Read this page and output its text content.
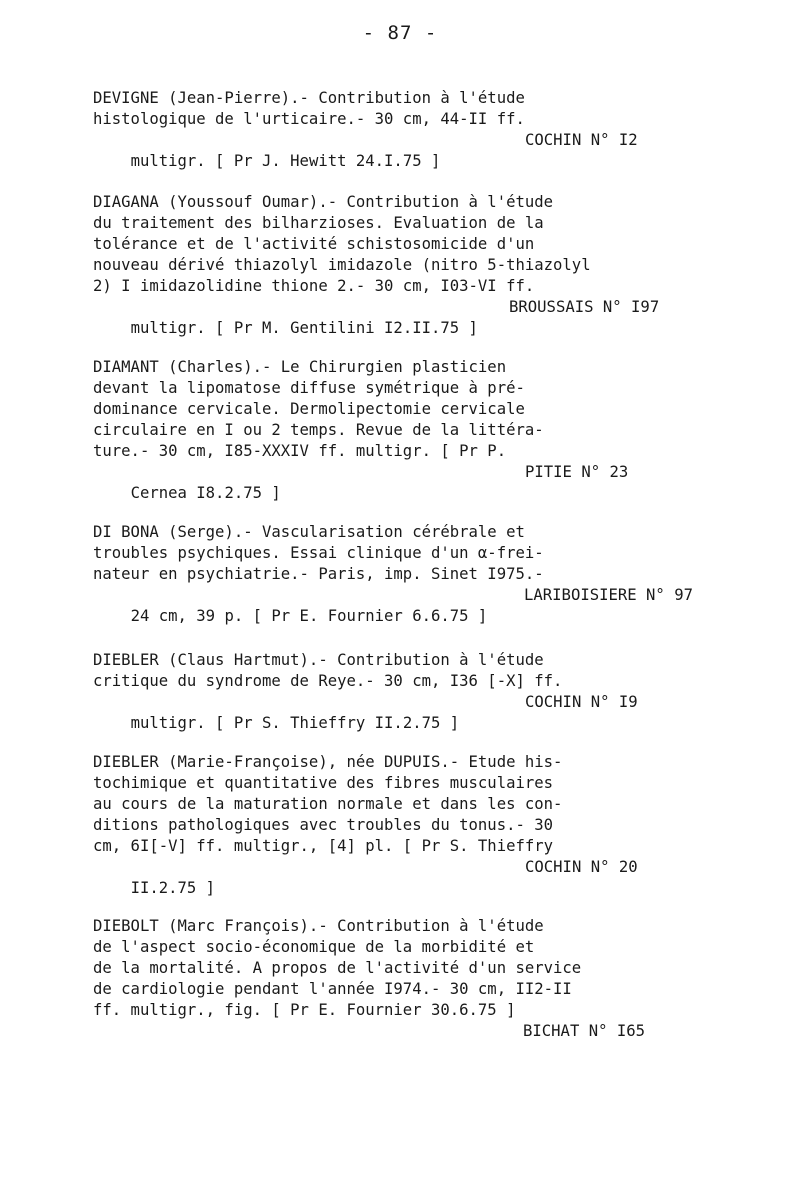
- 87 -
DEVIGNE (Jean-Pierre).- Contribution à l'étude
histologique de l'urticaire.- 30 cm, 44-II ff.

multigr. [ Pr J. Hewitt 24.I.75 ]

COCHIN N° I2

DIAGANA (Youssouf Oumar).- Contribution à l'étude
du traitement des bilharzioses. Evaluation de la
tolérance et de l'activité schistosomicide d'un
nouveau dérivé thiazolyl imidazole (nitro 5-thiazolyl
2) I imidazolidine thione 2.- 30 cm, I03-VI ff.

multigr. [ Pr M. Gentilini I2.II.75 ]

BROUSSAIS N° I97

DIAMANT (Charles).- Le Chirurgien plasticien
devant la lipomatose diffuse symétrique à pré-
dominance cervicale. Dermolipectomie cervicale
circulaire en I ou 2 temps. Revue de la littéra-
ture.- 30 cm, I85-XXXIV ff. multigr. [ Pr P.

Cernea I8.2.75 ]

PITIE N° 23

DI BONA (Serge).- Vascularisation cérébrale et
troubles psychiques. Essai clinique d'un α-frei-
nateur en psychiatrie.- Paris, imp. Sinet I975.-

24 cm, 39 p. [ Pr E. Fournier 6.6.75 ]

LARIBOISIERE N° 97

DIEBLER (Claus Hartmut).- Contribution à l'étude
critique du syndrome de Reye.- 30 cm, I36 [-X] ff.

multigr. [ Pr S. Thieffry II.2.75 ]

COCHIN N° I9

DIEBLER (Marie-Françoise), née DUPUIS.- Etude his-
tochimique et quantitative des fibres musculaires
au cours de la maturation normale et dans les con-
ditions pathologiques avec troubles du tonus.- 30
cm, 6I[-V] ff. multigr., [4] pl. [ Pr S. Thieffry

II.2.75 ]

COCHIN N° 20

DIEBOLT (Marc François).- Contribution à l'étude
de l'aspect socio-économique de la morbidité et
de la mortalité. A propos de l'activité d'un service
de cardiologie pendant l'année I974.- 30 cm, II2-II
ff. multigr., fig. [ Pr E. Fournier 30.6.75 ]

BICHAT N° I65
